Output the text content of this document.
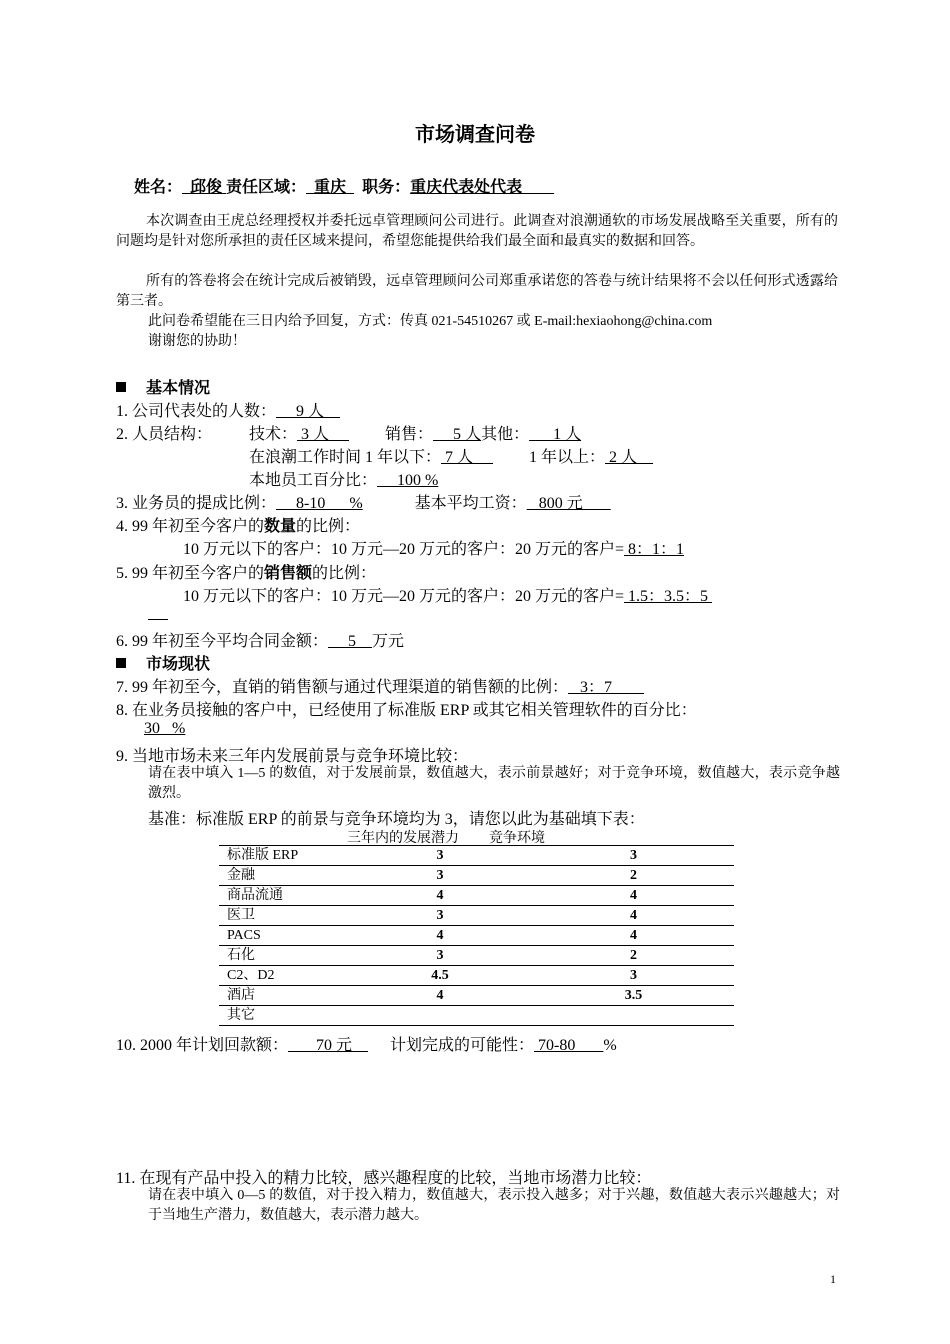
市场调查问卷
姓名：  邱俊 责任区域：  重庆  职务：重庆代表处代表
本次调查由王虎总经理授权并委托远卓管理顾问公司进行。此调查对浪潮通软的市场发展战略至关重要，所有的问题均是针对您所承担的责任区域来提问，希望您能提供给我们最全面和最真实的数据和回答。
所有的答卷将会在统计完成后被销毁，远卓管理顾问公司郑重承诺您的答卷与统计结果将不会以任何形式透露给第三者。
此问卷希望能在三日内给予回复，方式：传真 021-54510267 或 E-mail:hexiaohong@china.com
谢谢您的协助！
基本情况
1. 公司代表处的人数：     9 人
2. 人员结构： 技术： 3 人     销售：     5 人其他：      1 人
在浪潮工作时间 1 年以下： 7 人     1 年以上： 2 人
本地员工百分比：     100 %
3. 业务员的提成比例：     8-10      %	基本平均工资：   800 元
4. 99 年初至今客户的数量的比例：
10 万元以下的客户：10 万元—20 万元的客户：20 万元的客户= 8：1：1
5. 99 年初至今客户的销售额的比例：
10 万元以下的客户：10 万元—20 万元的客户：20 万元的客户= 1.5：3.5：5

6. 99 年初至今平均合同金额：     5    万元
市场现状
7. 99 年初至今，直销的销售额与通过代理渠道的销售额的比例：   3：7
8. 在业务员接触的客户中，已经使用了标准版 ERP 或其它相关管理软件的百分比：
30   %
9. 当地市场未来三年内发展前景与竞争环境比较：
请在表中填入 1—5 的数值，对于发展前景，数值越大，表示前景越好；对于竞争环境，数值越大，表示竞争越激烈。
基准：标准版 ERP 的前景与竞争环境均为 3，请您以此为基础填下表：
三年内的发展潜力 竞争环境
标准版 ERP	3	3
金融	3	2
商品流通	4	4
医卫	3	4
PACS	4	4
石化	3	2
C2、D2	4.5	3
酒店	4	3.5
其它		
10. 2000 年计划回款额：       70 元    计划完成的可能性： 70-80       %
11. 在现有产品中投入的精力比较，感兴趣程度的比较，当地市场潜力比较：
请在表中填入 0—5 的数值，对于投入精力，数值越大，表示投入越多；对于兴趣，数值越大表示兴趣越大；对于当地生产潜力，数值越大，表示潜力越大。
1
